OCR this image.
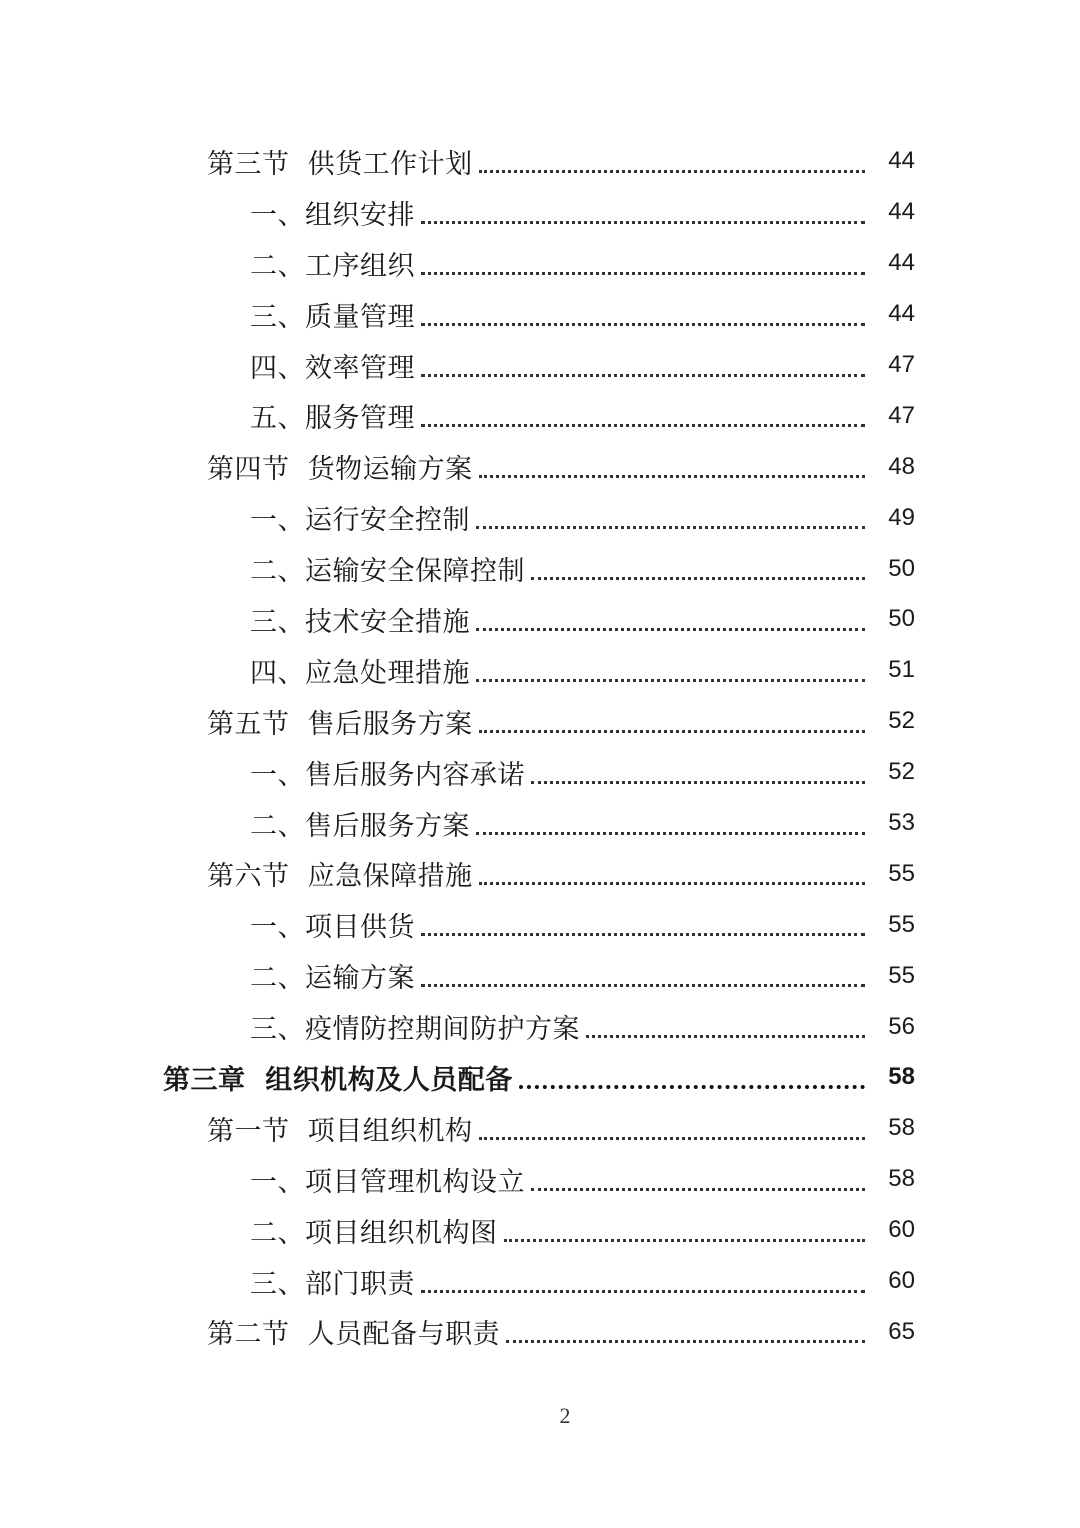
第三节  供货工作计划	44
一、组织安排	44
二、工序组织	44
三、质量管理	44
四、效率管理	47
五、服务管理	47
第四节  货物运输方案	48
一、运行安全控制	49
二、运输安全保障控制	50
三、技术安全措施	50
四、应急处理措施	51
第五节  售后服务方案	52
一、售后服务内容承诺	52
二、售后服务方案	53
第六节  应急保障措施	55
一、项目供货	55
二、运输方案	55
三、疫情防控期间防护方案	56
第三章  组织机构及人员配备	58
第一节  项目组织机构	58
一、项目管理机构设立	58
二、项目组织机构图	60
三、部门职责	60
第二节  人员配备与职责	65
2
